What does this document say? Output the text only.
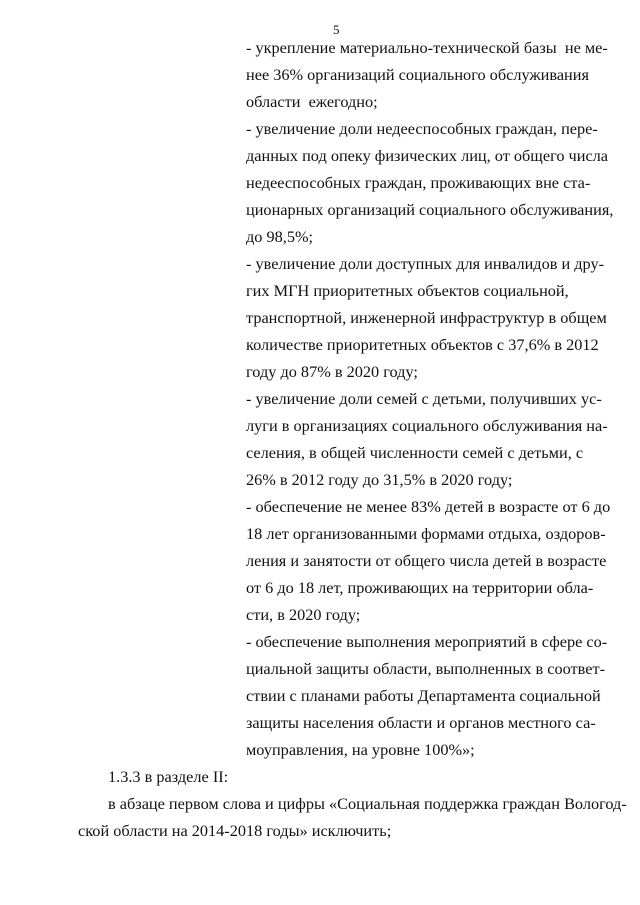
5
- укрепление материально-технической базы  не ме-
нее 36% организаций социального обслуживания
области  ежегодно;
- увеличение доли недееспособных граждан, пере-
данных под опеку физических лиц, от общего числа
недееспособных граждан, проживающих вне ста-
ционарных организаций социального обслуживания,
до 98,5%;
- увеличение доли доступных для инвалидов и дру-
гих МГН приоритетных объектов социальной,
транспортной, инженерной инфраструктур в общем
количестве приоритетных объектов с 37,6% в 2012
году до 87% в 2020 году;
- увеличение доли семей с детьми, получивших ус-
луги в организациях социального обслуживания на-
селения, в общей численности семей с детьми, с
26% в 2012 году до 31,5% в 2020 году;
- обеспечение не менее 83% детей в возрасте от 6 до
18 лет организованными формами отдыха, оздоров-
ления и занятости от общего числа детей в возрасте
от 6 до 18 лет, проживающих на территории обла-
сти, в 2020 году;
- обеспечение выполнения мероприятий в сфере со-
циальной защиты области, выполненных в соответ-
ствии с планами работы Департамента социальной
защиты населения области и органов местного са-
моуправления, на уровне 100%»;
1.3.3 в разделе II:
в абзаце первом слова и цифры «Социальная поддержка граждан Вологод-
ской области на 2014-2018 годы» исключить;
